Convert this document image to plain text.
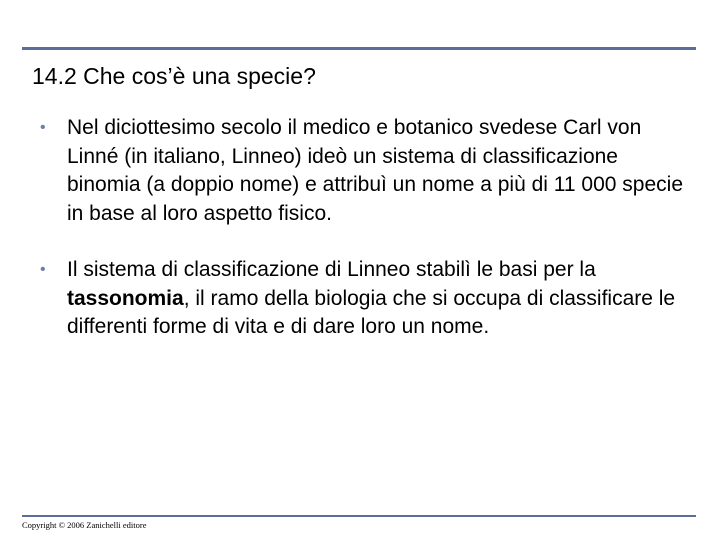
14.2 Che cos’è una specie?
• Nel diciottesimo secolo il medico e botanico svedese Carl von Linné (in italiano, Linneo) ideò un sistema di classificazione binomia (a doppio nome) e attribuì un nome a più di 11 000 specie in base al loro aspetto fisico.
• Il sistema di classificazione di Linneo stabilì le basi per la tassonomia, il ramo della biologia che si occupa di classificare le differenti forme di vita e di dare loro un nome.
Copyright © 2006 Zanichelli editore
